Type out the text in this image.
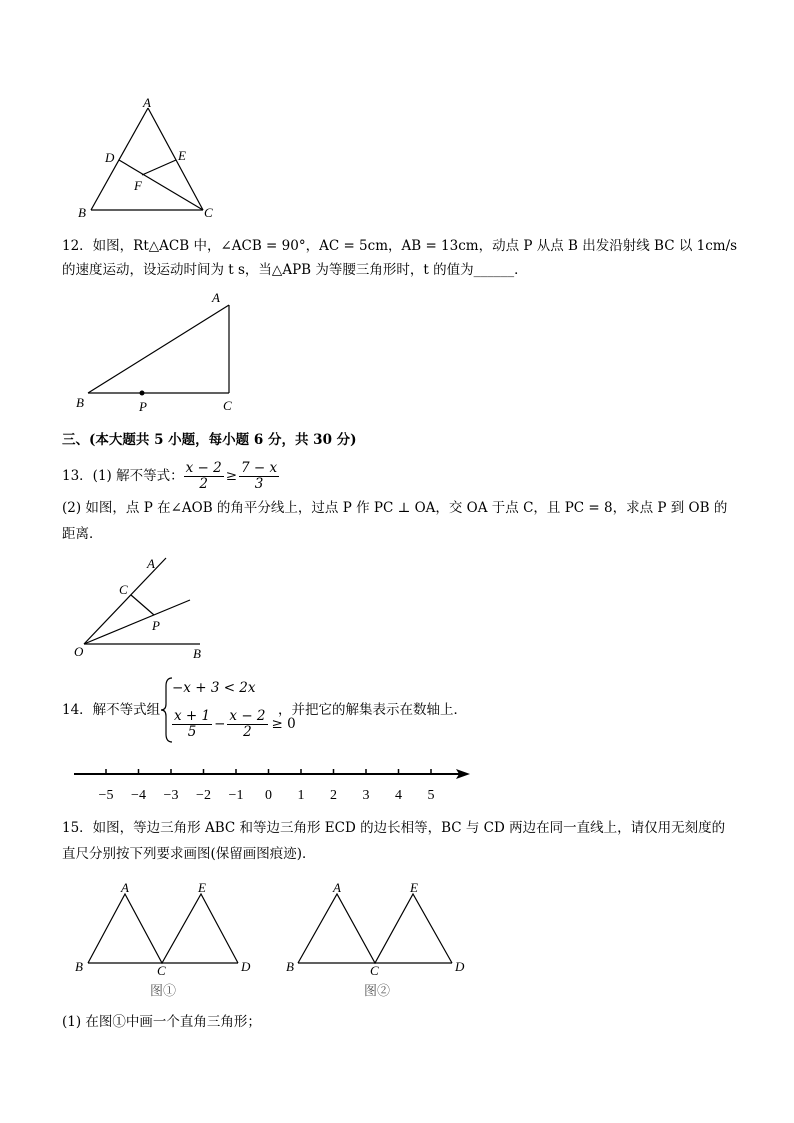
A
D	E
F
B	C
12．如图，Rt△ACB 中，∠ACB = 90°，AC = 5cm，AB = 13cm，动点 P 从点 B 出发沿射线 BC 以 1cm/s
的速度运动，设运动时间为 t s，当△APB 为等腰三角形时，t 的值为______．
A
B	P	C
三、(本大题共 5 小题，每小题 6 分，共 30 分)
13．(1) 解不等式： $\frac{x - 2}{2} \ge \frac{7 - x}{3}$
(2) 如图，点 P 在∠AOB 的角平分线上，过点 P 作 PC ⊥ OA，交 OA 于点 C，且 PC = 8，求点 P 到 OB 的
距离．
A
C
P
O	B
14．解不等式组
−x + 3 < 2x
$\frac{x + 1}{5} - \frac{x - 2}{2} \ge 0$
，并把它的解集表示在数轴上．
−5 −4 −3 −2 −1 0 1 2 3 4 5
15．如图，等边三角形 ABC 和等边三角形 ECD 的边长相等，BC 与 CD 两边在同一直线上，请仅用无刻度的
直尺分别按下列要求画图(保留画图痕迹)．
A	E
B	C	D
图①
A	E
B	C	D
图②
(1) 在图①中画一个直角三角形；
